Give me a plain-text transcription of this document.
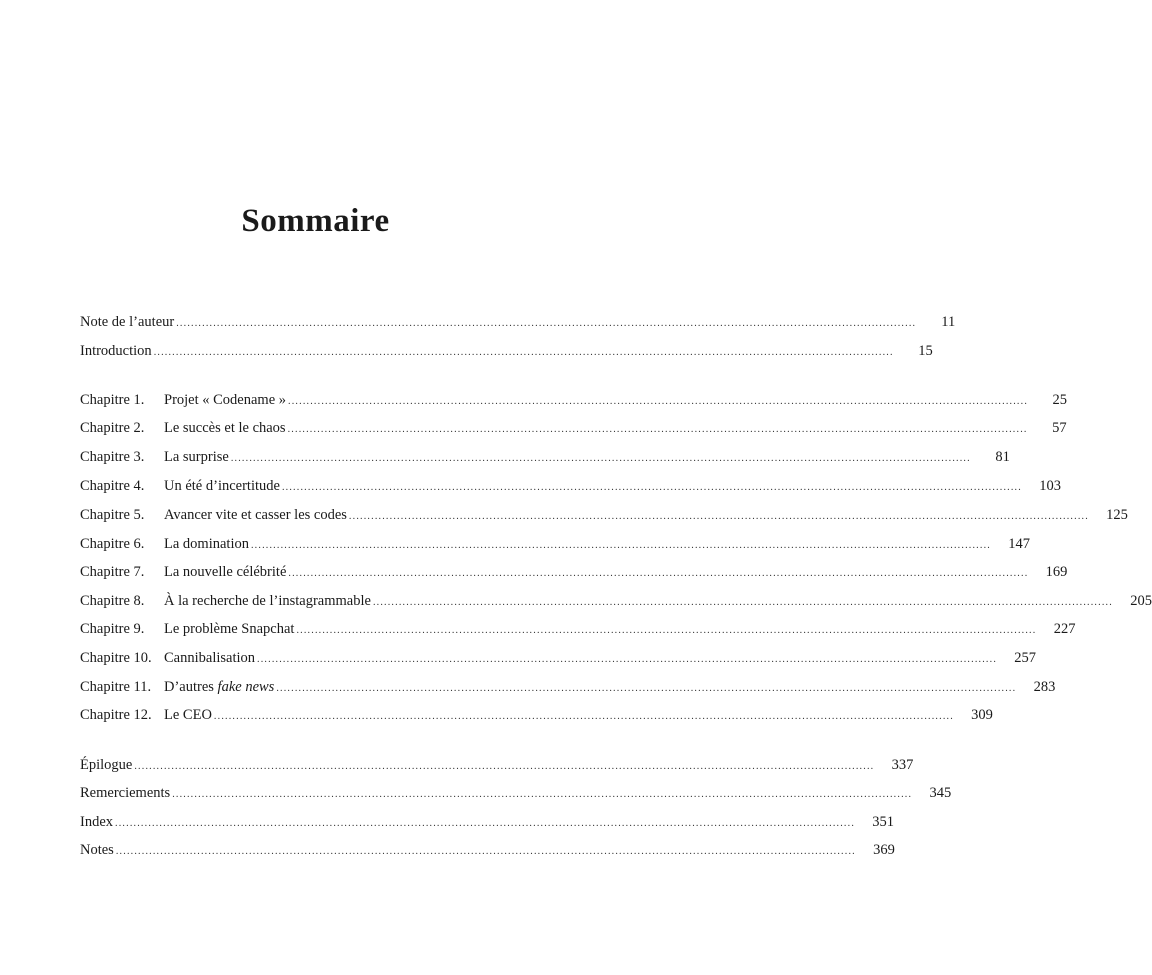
Sommaire
Note de l’auteur ........................................................................................................................................................................................................	11
Introduction ........................................................................................................................................................................................................	15
Chapitre 1.	Projet « Codename » ........................................................................................................................................................................................................	25
Chapitre 2.	Le succès et le chaos ........................................................................................................................................................................................................	57
Chapitre 3.	La surprise ........................................................................................................................................................................................................	81
Chapitre 4.	Un été d’incertitude ........................................................................................................................................................................................................	103
Chapitre 5.	Avancer vite et casser les codes ........................................................................................................................................................................................................	125
Chapitre 6.	La domination ........................................................................................................................................................................................................	147
Chapitre 7.	La nouvelle célébrité ........................................................................................................................................................................................................	169
Chapitre 8.	À la recherche de l’instagrammable ........................................................................................................................................................................................................	205
Chapitre 9.	Le problème Snapchat ........................................................................................................................................................................................................	227
Chapitre 10. Cannibalisation ........................................................................................................................................................................................................	257
Chapitre 11. D’autres fake news ........................................................................................................................................................................................................	283
Chapitre 12. Le CEO ........................................................................................................................................................................................................	309
Épilogue ........................................................................................................................................................................................................	337
Remerciements ........................................................................................................................................................................................................	345
Index ........................................................................................................................................................................................................	351
Notes ........................................................................................................................................................................................................	369
